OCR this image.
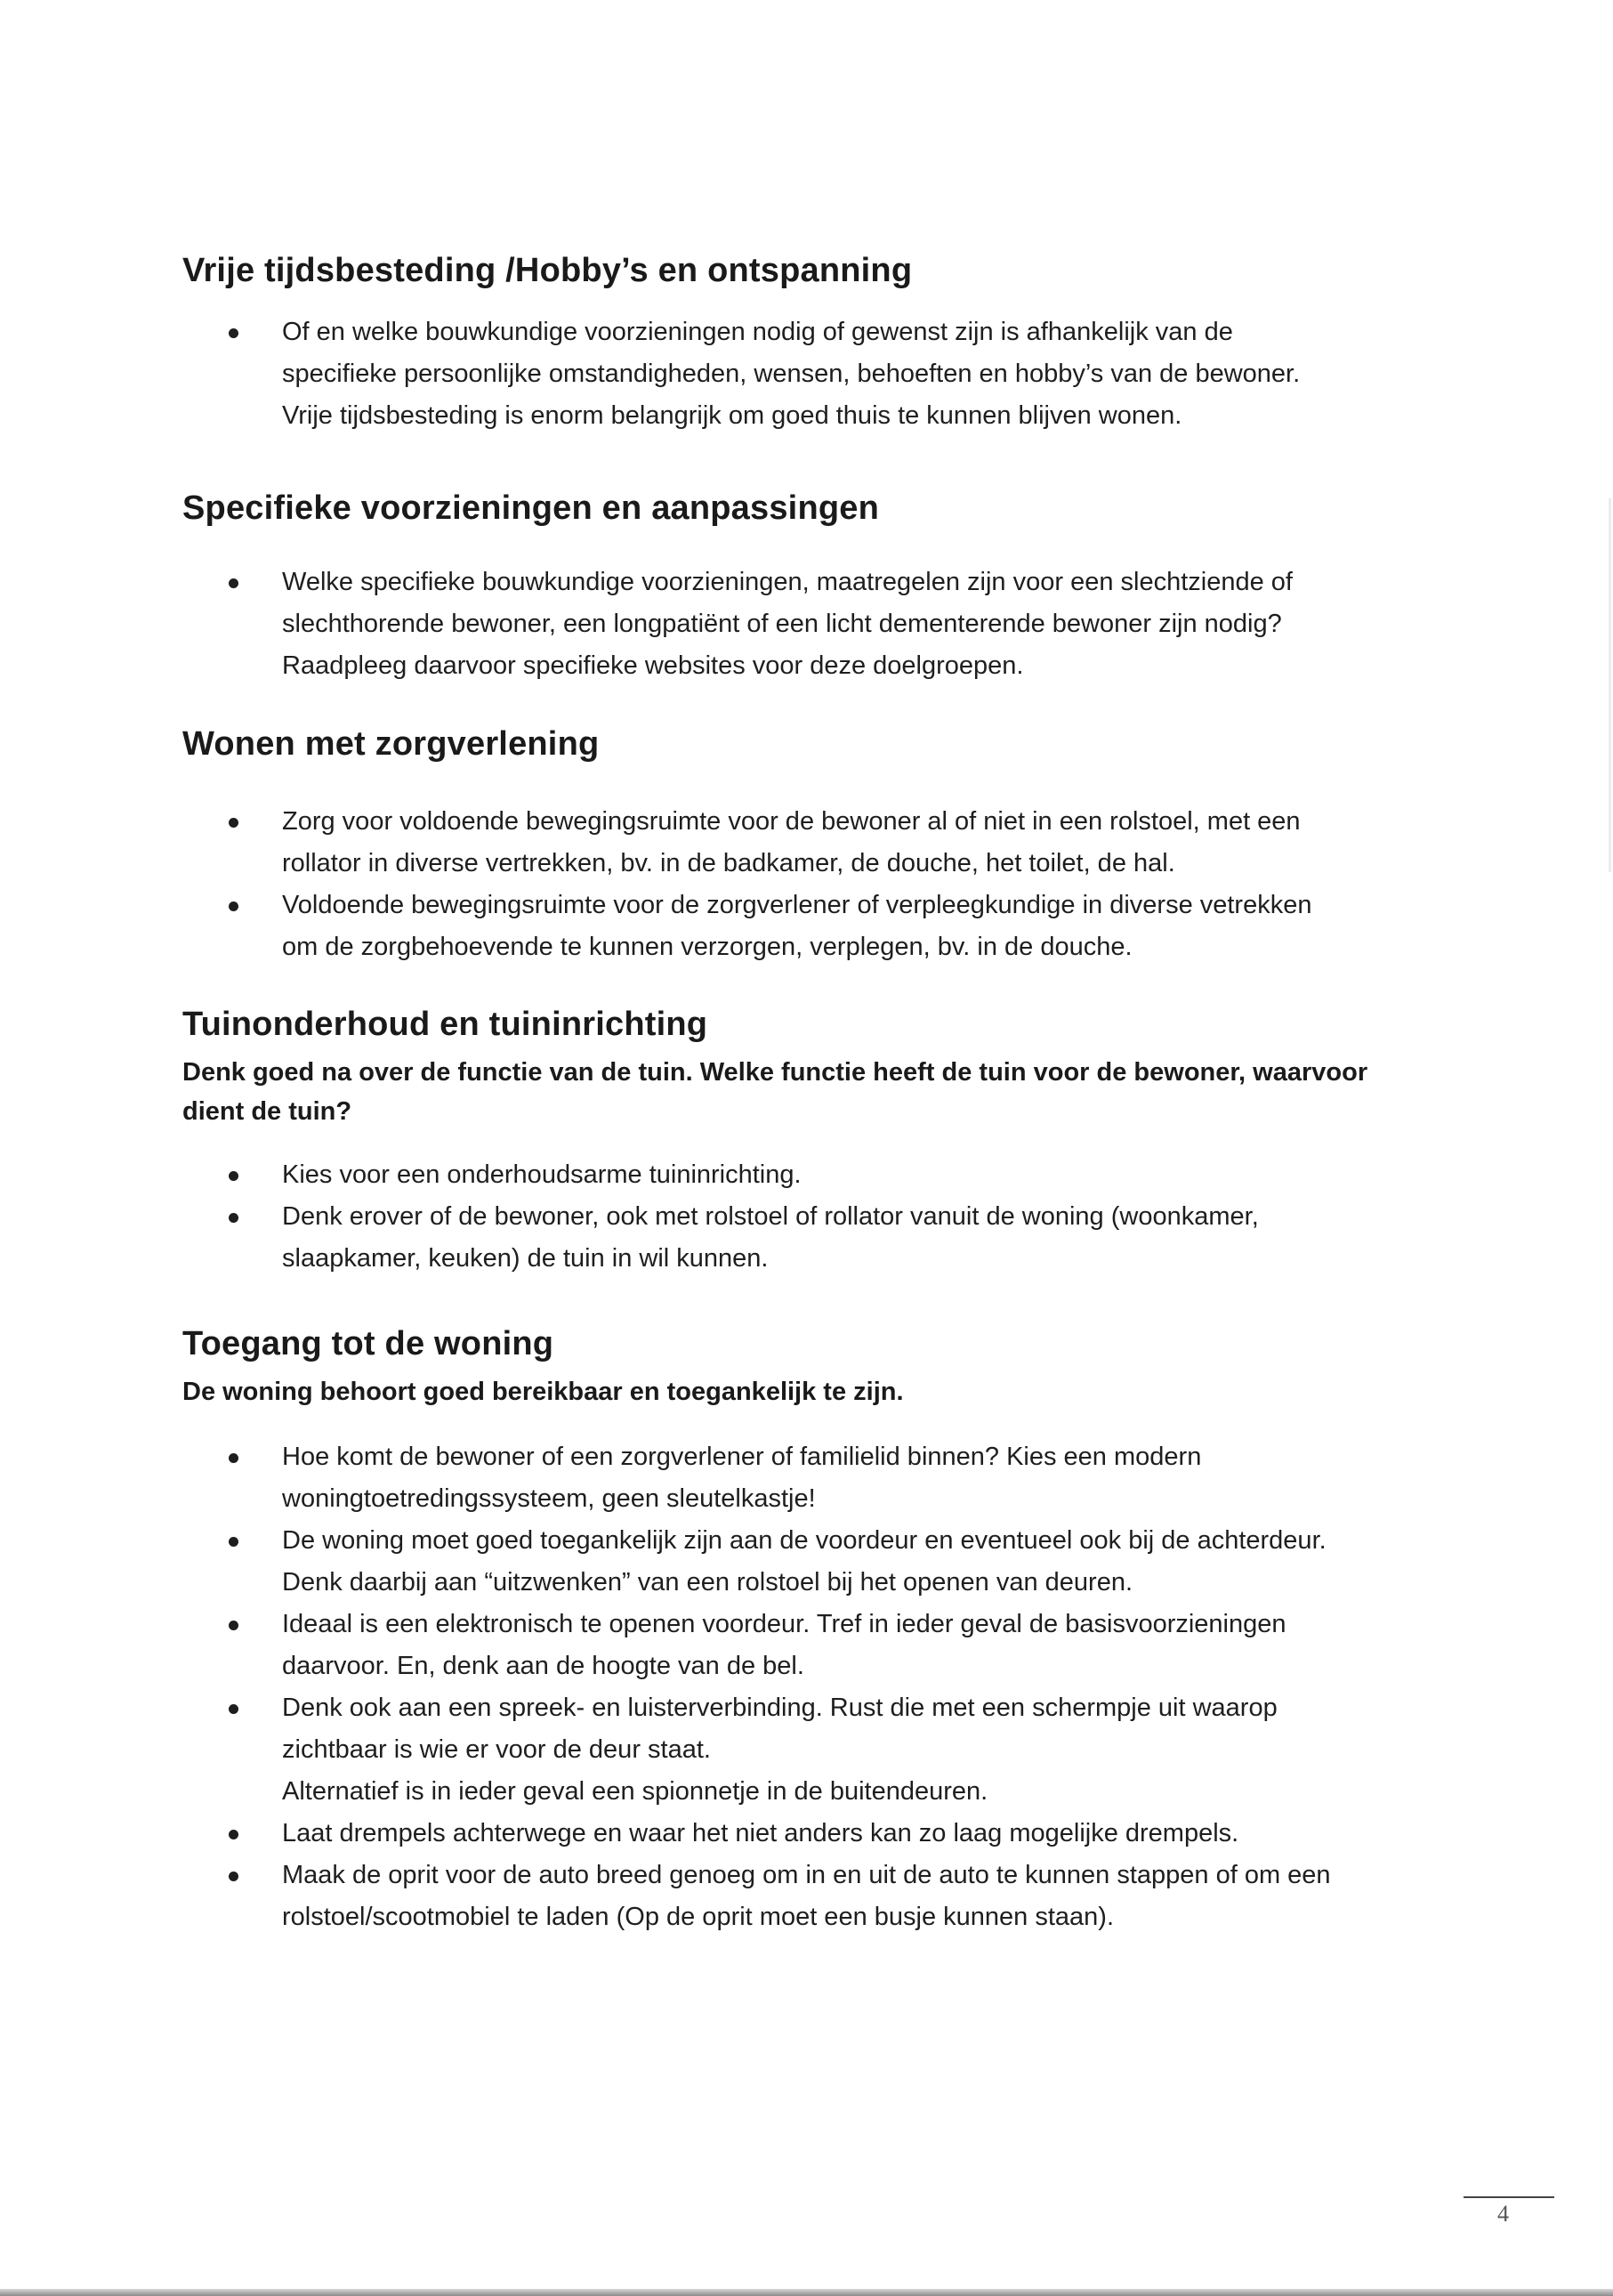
Vrije tijdsbesteding /Hobby’s en ontspanning
Of en welke bouwkundige voorzieningen nodig of gewenst zijn is afhankelijk van de
specifieke persoonlijke omstandigheden, wensen, behoeften en hobby’s van de bewoner.
Vrije tijdsbesteding is enorm belangrijk om goed thuis te kunnen blijven wonen.
Specifieke voorzieningen en aanpassingen
Welke specifieke bouwkundige voorzieningen, maatregelen zijn voor een slechtziende of
slechthorende bewoner, een longpatiënt of een licht dementerende bewoner zijn nodig?
Raadpleeg daarvoor specifieke websites voor deze doelgroepen.
Wonen met zorgverlening
Zorg voor voldoende bewegingsruimte voor de bewoner al of niet in een rolstoel, met een
rollator in diverse vertrekken, bv. in de badkamer, de douche, het toilet, de hal.
Voldoende bewegingsruimte voor de zorgverlener of verpleegkundige in diverse vetrekken
om de zorgbehoevende te kunnen verzorgen, verplegen, bv. in de douche.
Tuinonderhoud en tuininrichting

Denk goed na over de functie van de tuin. Welke functie heeft de tuin voor de bewoner, waarvoor
dient de tuin?

Kies voor een onderhoudsarme tuininrichting.
Denk erover of de bewoner, ook met rolstoel of rollator vanuit de woning (woonkamer,
slaapkamer, keuken) de tuin in wil kunnen.
Toegang tot de woning

De woning behoort goed bereikbaar en toegankelijk te zijn.

Hoe komt de bewoner of een zorgverlener of familielid binnen? Kies een modern
woningtoetredingssysteem, geen sleutelkastje!
De woning moet goed toegankelijk zijn aan de voordeur en eventueel ook bij de achterdeur.
Denk daarbij aan “uitzwenken” van een rolstoel bij het openen van deuren.
Ideaal is een elektronisch te openen voordeur. Tref in ieder geval de basisvoorzieningen
daarvoor. En, denk aan de hoogte van de bel.
Denk ook aan een spreek- en luisterverbinding. Rust die met een schermpje uit waarop
zichtbaar is wie er voor de deur staat.
Alternatief is in ieder geval een spionnetje in de buitendeuren.
Laat drempels achterwege en waar het niet anders kan zo laag mogelijke drempels.
Maak de oprit voor de auto breed genoeg om in en uit de auto te kunnen stappen of om een
rolstoel/scootmobiel te laden (Op de oprit moet een busje kunnen staan).
4
